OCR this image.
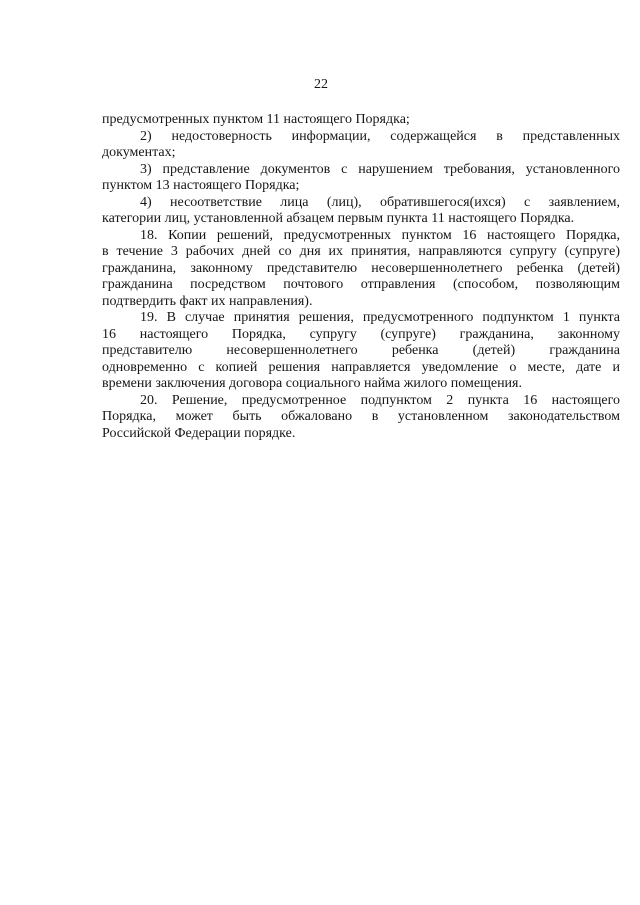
22
предусмотренных пунктом 11 настоящего Порядка;
2) недостоверность информации, содержащейся в представленных
документах;
3) представление документов с нарушением требования, установленного
пунктом 13 настоящего Порядка;
4) несоответствие лица (лиц), обратившегося(ихся) с заявлением,
категории лиц, установленной абзацем первым пункта 11 настоящего Порядка.
18. Копии решений, предусмотренных пунктом 16 настоящего Порядка,
в течение 3 рабочих дней со дня их принятия, направляются супругу (супруге)
гражданина, законному представителю несовершеннолетнего ребенка (детей)
гражданина посредством почтового отправления (способом, позволяющим
подтвердить факт их направления).
19. В случае принятия решения, предусмотренного подпунктом 1 пункта
16 настоящего Порядка, супругу (супруге) гражданина, законному
представителю несовершеннолетнего ребенка (детей) гражданина
одновременно с копией решения направляется уведомление о месте, дате и
времени заключения договора социального найма жилого помещения.
20. Решение, предусмотренное подпунктом 2 пункта 16 настоящего
Порядка, может быть обжаловано в установленном законодательством
Российской Федерации порядке.
